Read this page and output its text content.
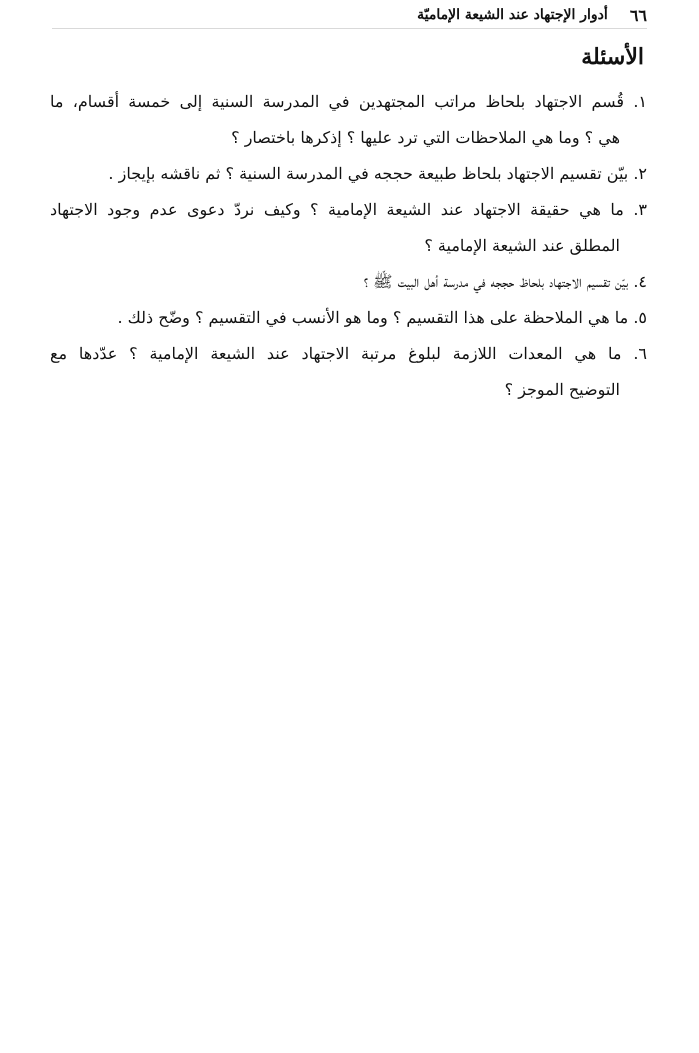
٦٦
أدوار الإجتهاد عند الشيعة الإماميّة
الأسئلة
١. قُسم الاجتهاد بلحاظ مراتب المجتهدين في المدرسة السنية إلى خمسة أقسام، ما
هي ؟ وما هي الملاحظات التي ترد عليها ؟ إذكرها باختصار ؟
٢. بيّن تقسيم الاجتهاد بلحاظ طبيعة حججه في المدرسة السنية ؟ ثم ناقشه بإيجاز .
٣. ما هي حقيقة الاجتهاد عند الشيعة الإمامية ؟ وكيف نردّ دعوى عدم وجود الاجتهاد
المطلق عند الشيعة الإمامية ؟
٤. بيّن تقسيم الاجتهاد بلحاظ حججه في مدرسة أهل البيت ﷺ ؟
٥. ما هي الملاحظة على هذا التقسيم ؟ وما هو الأنسب في التقسيم ؟ وضّح ذلك .
٦. ما هي المعدات اللازمة لبلوغ مرتبة الاجتهاد عند الشيعة الإمامية ؟ عدّدها مع
التوضيح الموجز ؟
